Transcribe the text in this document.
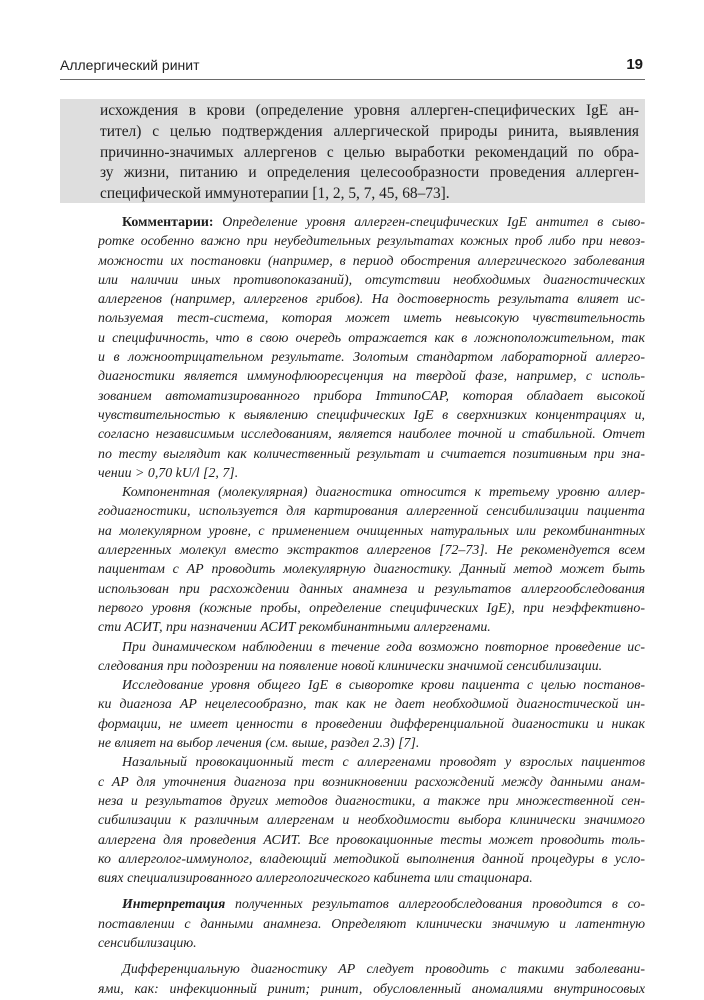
Аллергический ринит	19
исхождения в крови (определение уровня аллерген-специфических IgE ан-
тител) с целью подтверждения аллергической природы ринита, выявления
причинно-значимых аллергенов с целью выработки рекомендаций по обра-
зу жизни, питанию и определения целесообразности проведения аллерген-
специфической иммунотерапии [1, 2, 5, 7, 45, 68–73].
Комментарии: Определение уровня аллерген-специфических IgE антител в сыво-
ротке особенно важно при неубедительных результатах кожных проб либо при невоз-
можности их постановки (например, в период обострения аллергического заболевания
или наличии иных противопоказаний), отсутствии необходимых диагностических
аллергенов (например, аллергенов грибов). На достоверность результата влияет ис-
пользуемая тест-система, которая может иметь невысокую чувствительность
и специфичность, что в свою очередь отражается как в ложноположительном, так
и в ложноотрицательном результате. Золотым стандартом лабораторной аллерго-
диагностики является иммунофлюоресценция на твердой фазе, например, с исполь-
зованием автоматизированного прибора ImmunoCAP, которая обладает высокой
чувствительностью к выявлению специфических IgE в сверхнизких концентрациях и,
согласно независимым исследованиям, является наиболее точной и стабильной. Отчет
по тесту выглядит как количественный результат и считается позитивным при зна-
чении > 0,70 kU/l [2, 7].
Компонентная (молекулярная) диагностика относится к третьему уровню аллер-
годиагностики, используется для картирования аллергенной сенсибилизации пациента
на молекулярном уровне, с применением очищенных натуральных или рекомбинантных
аллергенных молекул вместо экстрактов аллергенов [72–73]. Не рекомендуется всем
пациентам с АР проводить молекулярную диагностику. Данный метод может быть
использован при расхождении данных анамнеза и результатов аллергообследования
первого уровня (кожные пробы, определение специфических IgE), при неэффективно-
сти АСИТ, при назначении АСИТ рекомбинантными аллергенами.
При динамическом наблюдении в течение года возможно повторное проведение ис-
следования при подозрении на появление новой клинически значимой сенсибилизации.
Исследование уровня общего IgE в сыворотке крови пациента с целью постанов-
ки диагноза АР нецелесообразно, так как не дает необходимой диагностической ин-
формации, не имеет ценности в проведении дифференциальной диагностики и никак
не влияет на выбор лечения (см. выше, раздел 2.3) [7].
Назальный провокационный тест с аллергенами проводят у взрослых пациентов
с АР для уточнения диагноза при возникновении расхождений между данными анам-
неза и результатов других методов диагностики, а также при множественной сен-
сибилизации к различным аллергенам и необходимости выбора клинически значимого
аллергена для проведения АСИТ. Все провокационные тесты может проводить толь-
ко аллерголог-иммунолог, владеющий методикой выполнения данной процедуры в усло-
виях специализированного аллергологического кабинета или стационара.
Интерпретация полученных результатов аллергообследования проводится в со-
поставлении с данными анамнеза. Определяют клинически значимую и латентную
сенсибилизацию.
Дифференциальную диагностику АР следует проводить с такими заболевани-
ями, как: инфекционный ринит; ринит, обусловленный аномалиями внутриносовых
